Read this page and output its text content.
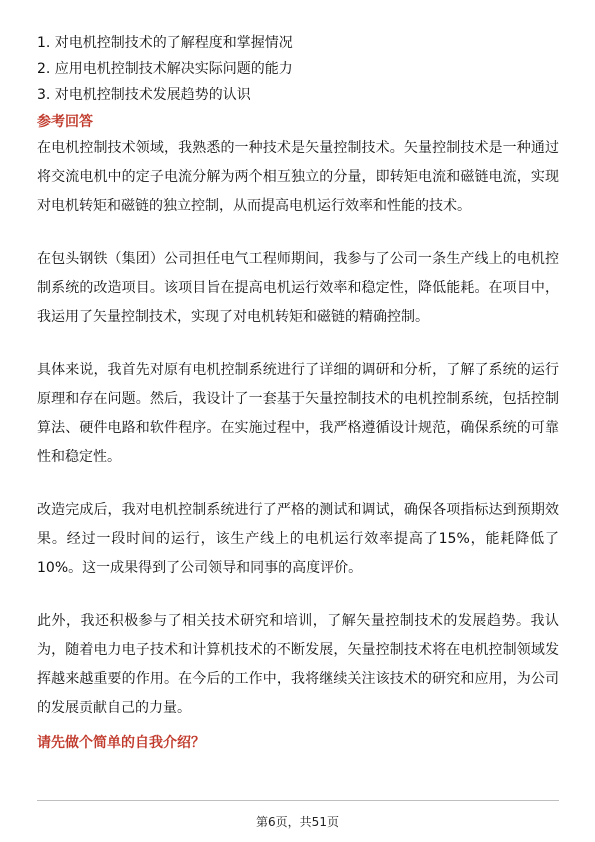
1. 对电机控制技术的了解程度和掌握情况
2. 应用电机控制技术解决实际问题的能力
3. 对电机控制技术发展趋势的认识
参考回答

在电机控制技术领域，我熟悉的一种技术是矢量控制技术。矢量控制技术是一种通过将交流电机中的定子电流分解为两个相互独立的分量，即转矩电流和磁链电流，实现对电机转矩和磁链的独立控制，从而提高电机运行效率和性能的技术。

在包头钢铁（集团）公司担任电气工程师期间，我参与了公司一条生产线上的电机控制系统的改造项目。该项目旨在提高电机运行效率和稳定性，降低能耗。在项目中，我运用了矢量控制技术，实现了对电机转矩和磁链的精确控制。

具体来说，我首先对原有电机控制系统进行了详细的调研和分析，了解了系统的运行原理和存在问题。然后，我设计了一套基于矢量控制技术的电机控制系统，包括控制算法、硬件电路和软件程序。在实施过程中，我严格遵循设计规范，确保系统的可靠性和稳定性。

改造完成后，我对电机控制系统进行了严格的测试和调试，确保各项指标达到预期效果。经过一段时间的运行，该生产线上的电机运行效率提高了15%，能耗降低了10%。这一成果得到了公司领导和同事的高度评价。

此外，我还积极参与了相关技术研究和培训，了解矢量控制技术的发展趋势。我认为，随着电力电子技术和计算机技术的不断发展，矢量控制技术将在电机控制领域发挥越来越重要的作用。在今后的工作中，我将继续关注该技术的研究和应用，为公司的发展贡献自己的力量。

请先做个简单的自我介绍？
第6页，共51页
